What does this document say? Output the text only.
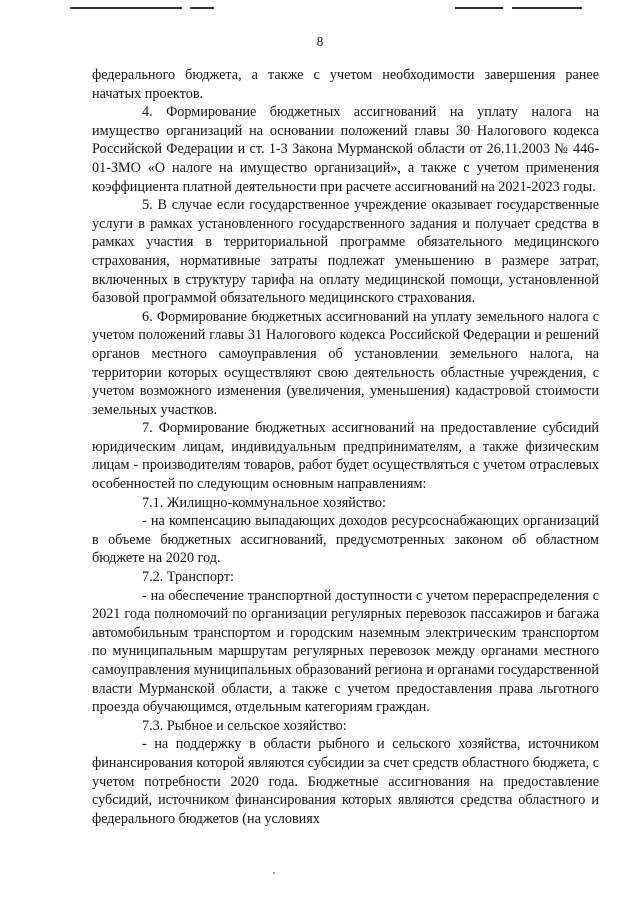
8

федерального бюджета, а также с учетом необходимости завершения ранее начатых проектов.

4. Формирование бюджетных ассигнований на уплату налога на имущество организаций на основании положений главы 30 Налогового кодекса Российской Федерации и ст. 1-3 Закона Мурманской области от 26.11.2003 № 446-01-ЗМО «О налоге на имущество организаций», а также с учетом применения коэффициента платной деятельности при расчете ассигнований на 2021-2023 годы.

5. В случае если государственное учреждение оказывает государственные услуги в рамках установленного государственного задания и получает средства в рамках участия в территориальной программе обязательного медицинского страхования, нормативные затраты подлежат уменьшению в размере затрат, включенных в структуру тарифа на оплату медицинской помощи, установленной базовой программой обязательного медицинского страхования.

6. Формирование бюджетных ассигнований на уплату земельного налога с учетом положений главы 31 Налогового кодекса Российской Федерации и решений органов местного самоуправления об установлении земельного налога, на территории которых осуществляют свою деятельность областные учреждения, с учетом возможного изменения (увеличения, уменьшения) кадастровой стоимости земельных участков.

7. Формирование бюджетных ассигнований на предоставление субсидий юридическим лицам, индивидуальным предпринимателям, а также физическим лицам - производителям товаров, работ будет осуществляться с учетом отраслевых особенностей по следующим основным направлениям:

7.1. Жилищно-коммунальное хозяйство:

- на компенсацию выпадающих доходов ресурсоснабжающих организаций в объеме бюджетных ассигнований, предусмотренных законом об областном бюджете на 2020 год.

7.2. Транспорт:

- на обеспечение транспортной доступности с учетом перераспределения с 2021 года полномочий по организации регулярных перевозок пассажиров и багажа автомобильным транспортом и городским наземным электрическим транспортом по муниципальным маршрутам регулярных перевозок между органами местного самоуправления муниципальных образований региона и органами государственной власти Мурманской области, а также с учетом предоставления права льготного проезда обучающимся, отдельным категориям граждан.

7.3. Рыбное и сельское хозяйство:

- на поддержку в области рыбного и сельского хозяйства, источником финансирования которой являются субсидии за счет средств областного бюджета, с учетом потребности 2020 года. Бюджетные ассигнования на предоставление субсидий, источником финансирования которых являются средства областного и федерального бюджетов (на условиях
